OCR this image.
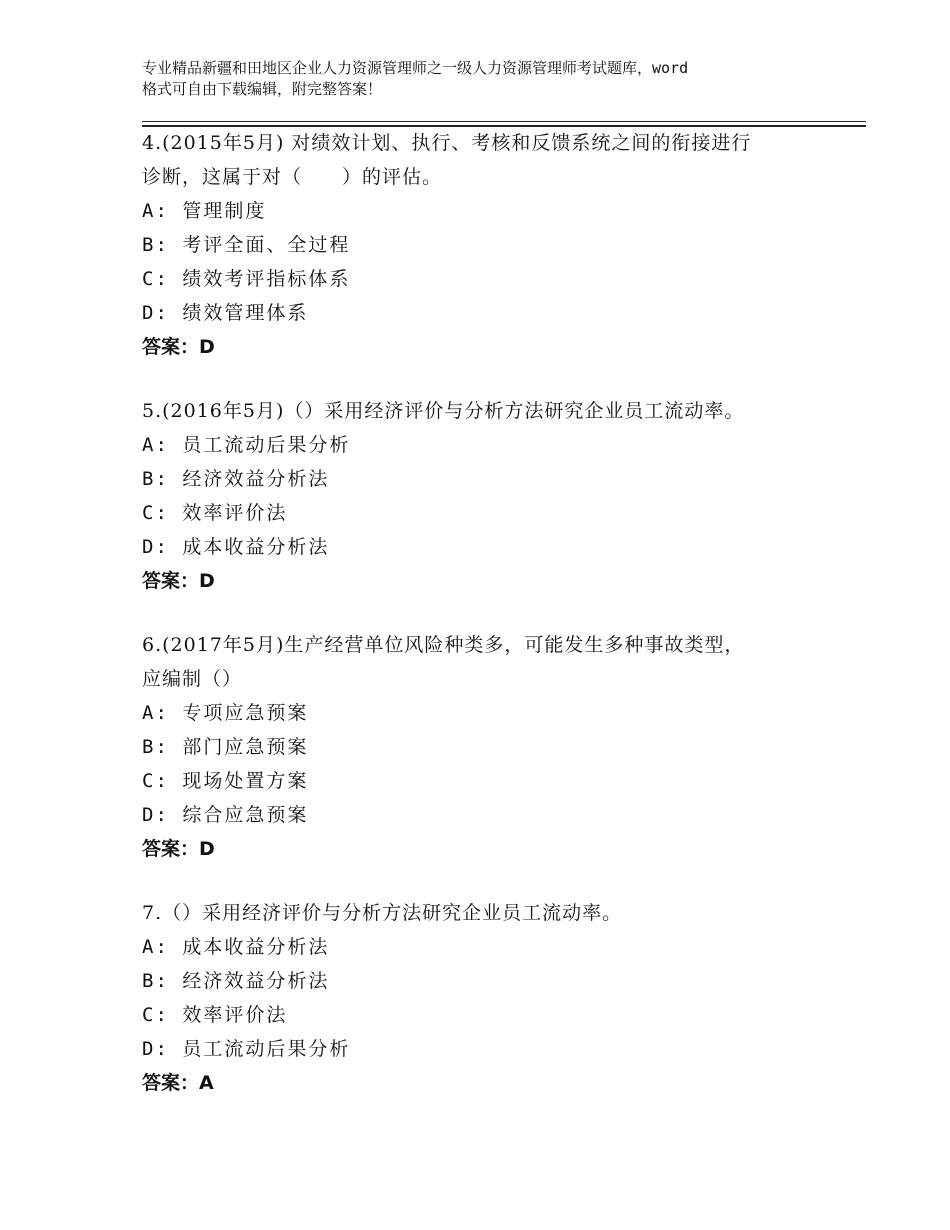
专业精品新疆和田地区企业人力资源管理师之一级人力资源管理师考试题库，word
格式可自由下载编辑，附完整答案！

4.(2015年5月) 对绩效计划、执行、考核和反馈系统之间的衔接进行

诊断，这属于对（　　）的评估。

A: 管理制度

B: 考评全面、全过程

C: 绩效考评指标体系

D: 绩效管理体系

答案：D

5.(2016年5月)（）采用经济评价与分析方法研究企业员工流动率。

A: 员工流动后果分析

B: 经济效益分析法

C: 效率评价法

D: 成本收益分析法

答案：D

6.(2017年5月)生产经营单位风险种类多，可能发生多种事故类型，

应编制（）

A: 专项应急预案

B: 部门应急预案

C: 现场处置方案

D: 综合应急预案

答案：D

7.（）采用经济评价与分析方法研究企业员工流动率。

A: 成本收益分析法

B: 经济效益分析法

C: 效率评价法

D: 员工流动后果分析

答案：A
